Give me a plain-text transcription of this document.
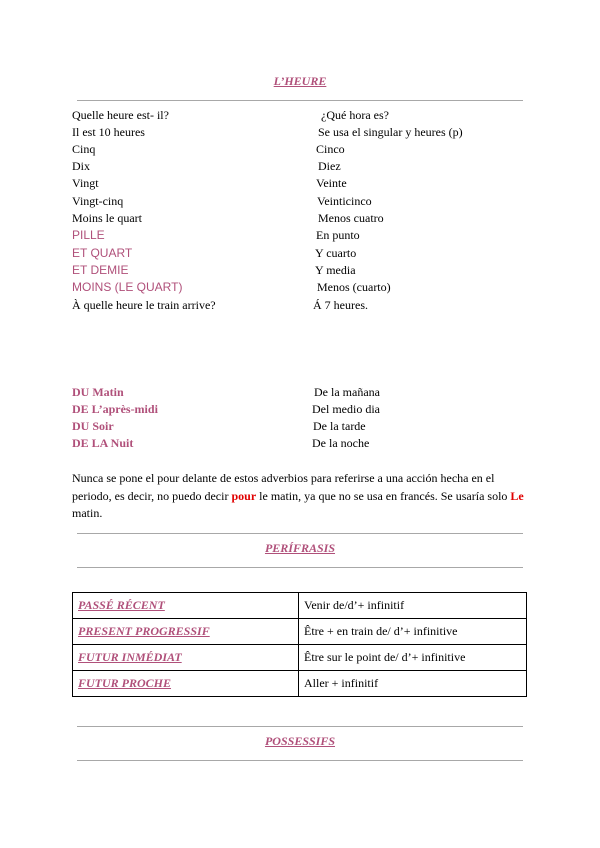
L’HEURE
Quelle heure est- il?	¿Qué hora es?
Il est 10 heures	Se usa el singular y heures (p)
Cinq	Cinco
Dix	Diez
Vingt	Veinte
Vingt-cinq	Veinticinco
Moins le quart	Menos cuatro
PILLE	En punto
ET QUART	Y cuarto
ET DEMIE	Y media
MOINS (LE QUART)	Menos (cuarto)
À quelle heure le train arrive?	Á 7 heures.
DU Matin	De la mañana
DE L’après-midi	Del medio dia
DU Soir	De la tarde
DE LA Nuit	De la noche
Nunca se pone el pour delante de estos adverbios para referirse a una acción hecha en el periodo, es decir, no puedo decir pour le matin, ya que no se usa en francés. Se usaría solo Le matin.
PERÍFRASIS
PASSÉ RÉCENT	Venir de/d’+ infinitif
PRESENT PROGRESSIF	Être + en train de/ d’+ infinitive
FUTUR INMÉDIAT	Être sur le point de/ d’+ infinitive
FUTUR PROCHE	Aller + infinitif
POSSESSIFS
